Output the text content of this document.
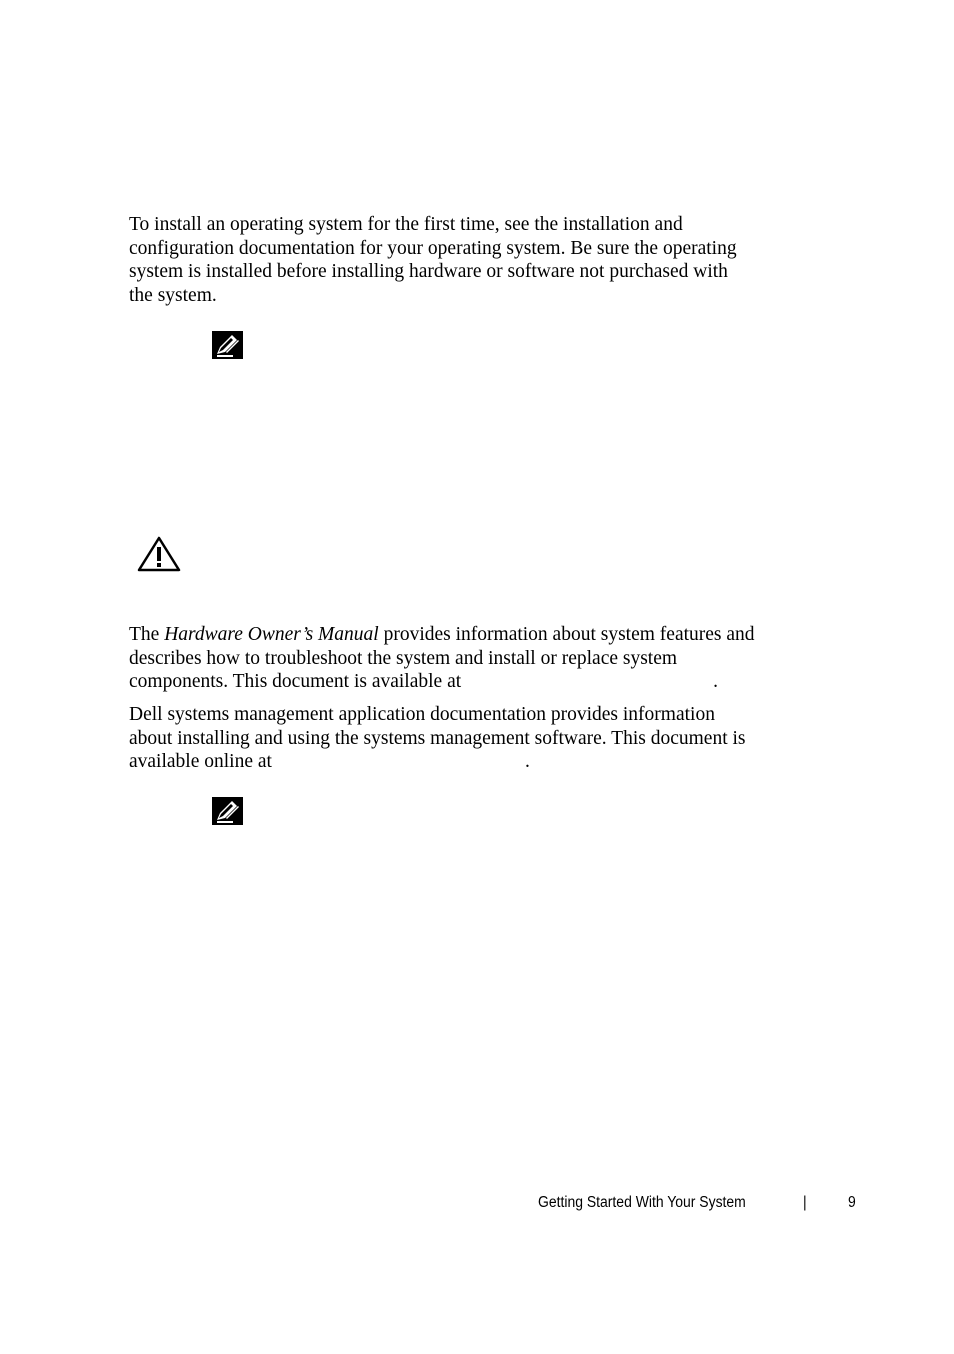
To install an operating system for the first time, see the installation and
configuration documentation for your operating system. Be sure the operating
system is installed before installing hardware or software not purchased with
the system.

The Hardware Owner’s Manual provides information about system features and
describes how to troubleshoot the system and install or replace system
components. This document is available at	.

Dell systems management application documentation provides information
about installing and using the systems management software. This document is
available online at	.

Getting Started With Your System	|	9
